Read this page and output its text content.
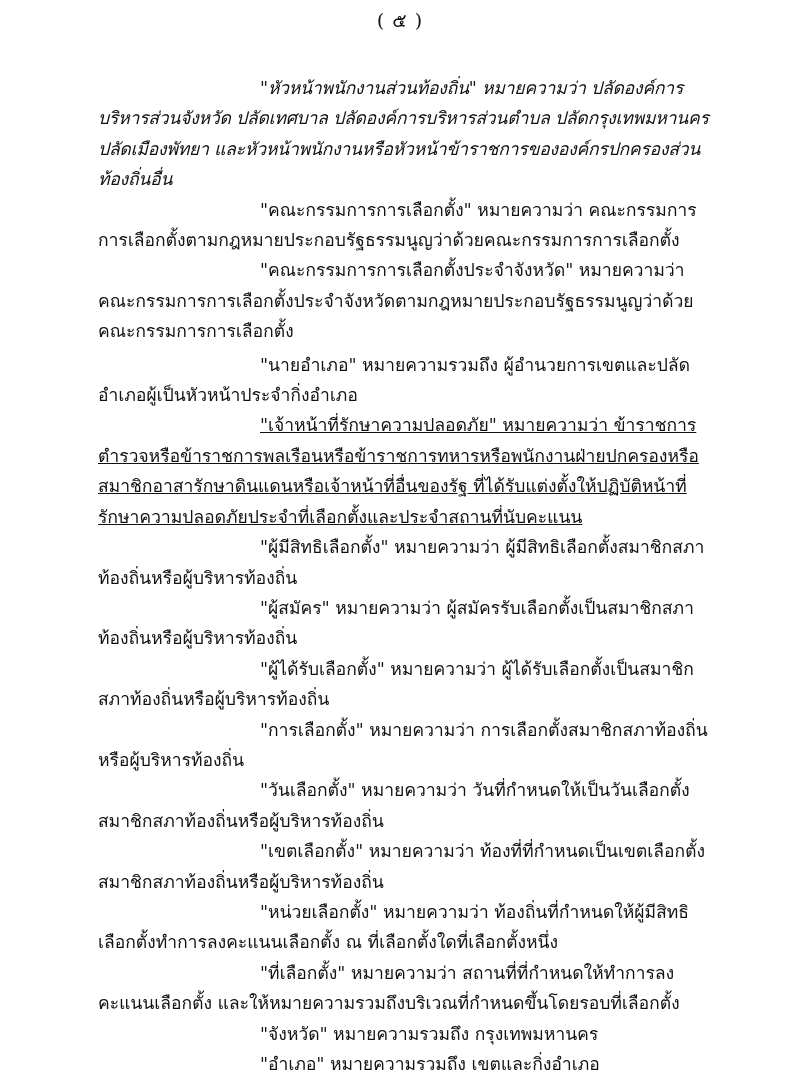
( ๕ )

"หัวหน้าพนักงานส่วนท้องถิ่น" หมายความว่า ปลัดองค์การบริหารส่วนจังหวัด ปลัดเทศบาล ปลัดองค์การบริหารส่วนตำบล ปลัดกรุงเทพมหานคร ปลัดเมืองพัทยา และหัวหน้าพนักงานหรือหัวหน้าข้าราชการขององค์กรปกครองส่วนท้องถิ่นอื่น

"คณะกรรมการการเลือกตั้ง" หมายความว่า คณะกรรมการการเลือกตั้งตามกฎหมายประกอบรัฐธรรมนูญว่าด้วยคณะกรรมการการเลือกตั้ง

"คณะกรรมการการเลือกตั้งประจำจังหวัด" หมายความว่า คณะกรรมการการเลือกตั้งประจำจังหวัดตามกฎหมายประกอบรัฐธรรมนูญว่าด้วยคณะกรรมการการเลือกตั้ง

"นายอำเภอ" หมายความรวมถึง ผู้อำนวยการเขตและปลัดอำเภอผู้เป็นหัวหน้าประจำกิ่งอำเภอ

"เจ้าหน้าที่รักษาความปลอดภัย" หมายความว่า ข้าราชการตำรวจหรือข้าราชการพลเรือนหรือข้าราชการทหารหรือพนักงานฝ่ายปกครองหรือสมาชิกอาสารักษาดินแดนหรือเจ้าหน้าที่อื่นของรัฐ ที่ได้รับแต่งตั้งให้ปฏิบัติหน้าที่รักษาความปลอดภัยประจำที่เลือกตั้งและประจำสถานที่นับคะแนน

"ผู้มีสิทธิเลือกตั้ง" หมายความว่า ผู้มีสิทธิเลือกตั้งสมาชิกสภาท้องถิ่นหรือผู้บริหารท้องถิ่น

"ผู้สมัคร" หมายความว่า ผู้สมัครรับเลือกตั้งเป็นสมาชิกสภาท้องถิ่นหรือผู้บริหารท้องถิ่น

"ผู้ได้รับเลือกตั้ง" หมายความว่า ผู้ได้รับเลือกตั้งเป็นสมาชิกสภาท้องถิ่นหรือผู้บริหารท้องถิ่น

"การเลือกตั้ง" หมายความว่า การเลือกตั้งสมาชิกสภาท้องถิ่นหรือผู้บริหารท้องถิ่น

"วันเลือกตั้ง" หมายความว่า วันที่กำหนดให้เป็นวันเลือกตั้งสมาชิกสภาท้องถิ่นหรือผู้บริหารท้องถิ่น

"เขตเลือกตั้ง" หมายความว่า ท้องที่ที่กำหนดเป็นเขตเลือกตั้งสมาชิกสภาท้องถิ่นหรือผู้บริหารท้องถิ่น

"หน่วยเลือกตั้ง" หมายความว่า ท้องถิ่นที่กำหนดให้ผู้มีสิทธิเลือกตั้งทำการลงคะแนนเลือกตั้ง ณ ที่เลือกตั้งใดที่เลือกตั้งหนึ่ง

"ที่เลือกตั้ง" หมายความว่า สถานที่ที่กำหนดให้ทำการลงคะแนนเลือกตั้ง และให้หมายความรวมถึงบริเวณที่กำหนดขึ้นโดยรอบที่เลือกตั้ง

"จังหวัด" หมายความรวมถึง กรุงเทพมหานคร

"อำเภอ" หมายความรวมถึง เขตและกิ่งอำเภอ
